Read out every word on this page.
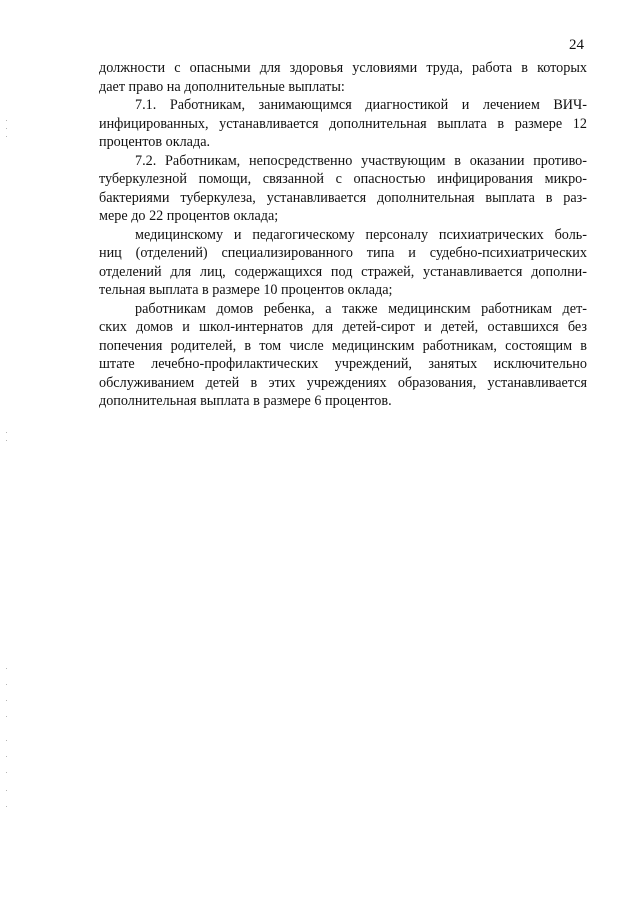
24
должности с опасными для здоровья условиями труда, работа в которых
дает право на дополнительные выплаты:
7.1. Работникам, занимающимся диагностикой и лечением ВИЧ-
инфицированных, устанавливается дополнительная выплата в размере 12
процентов оклада.
7.2. Работникам, непосредственно участвующим в оказании противо-
туберкулезной помощи, связанной с опасностью инфицирования микро-
бактериями туберкулеза, устанавливается дополнительная выплата в раз-
мере до 22 процентов оклада;
медицинскому и педагогическому персоналу психиатрических боль-
ниц (отделений) специализированного типа и судебно-психиатрических
отделений для лиц, содержащихся под стражей, устанавливается дополни-
тельная выплата в размере 10 процентов оклада;
работникам домов ребенка, а также медицинским работникам дет-
ских домов и школ-интернатов для детей-сирот и детей, оставшихся без
попечения родителей, в том числе медицинским работникам, состоящим в
штате лечебно-профилактических учреждений, занятых исключительно
обслуживанием детей в этих учреждениях образования, устанавливается
дополнительная выплата в размере 6 процентов.
